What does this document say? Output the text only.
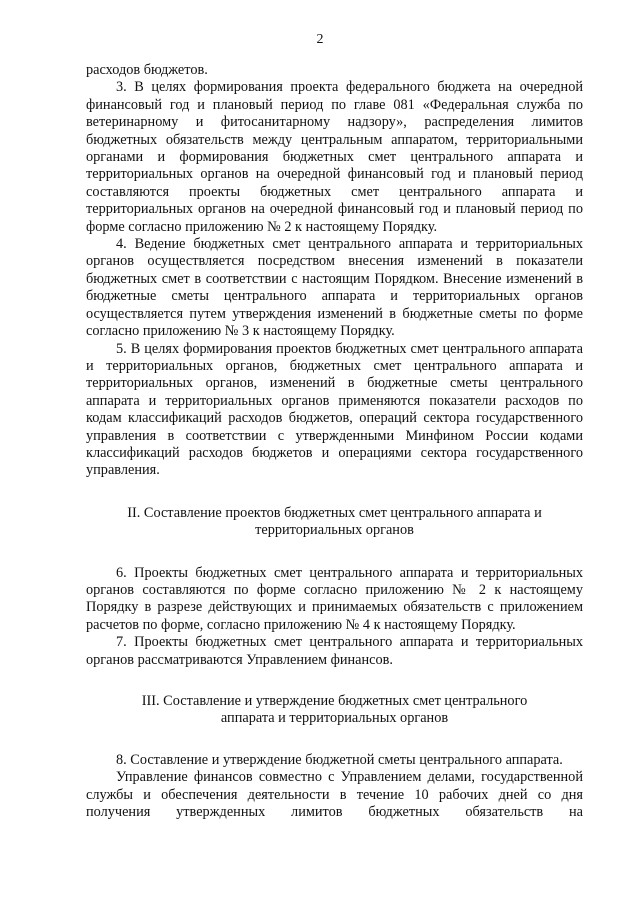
2

расходов бюджетов.

3. В целях формирования проекта федерального бюджета на очередной финансовый год и плановый период по главе 081 «Федеральная служба по ветеринарному и фитосанитарному надзору», распределения лимитов бюджетных обязательств между центральным аппаратом, территориальными органами и формирования бюджетных смет центрального аппарата и территориальных органов на очередной финансовый год и плановый период составляются проекты бюджетных смет центрального аппарата и территориальных органов на очередной финансовый год и плановый период по форме согласно приложению № 2 к настоящему Порядку.

4. Ведение бюджетных смет центрального аппарата и территориальных органов осуществляется посредством внесения изменений в показатели бюджетных смет в соответствии с настоящим Порядком. Внесение изменений в бюджетные сметы центрального аппарата и территориальных органов осуществляется путем утверждения изменений в бюджетные сметы по форме согласно приложению № 3 к настоящему Порядку.

5. В целях формирования проектов бюджетных смет центрального аппарата и территориальных органов, бюджетных смет центрального аппарата и территориальных органов, изменений в бюджетные сметы центрального аппарата и территориальных органов применяются показатели расходов по кодам классификаций расходов бюджетов, операций сектора государственного управления в соответствии с утвержденными Минфином России кодами классификаций расходов бюджетов и операциями сектора государственного управления.

II. Составление проектов бюджетных смет центрального аппарата и
территориальных органов

6. Проекты бюджетных смет центрального аппарата и территориальных органов составляются по форме согласно приложению № 2 к настоящему Порядку в разрезе действующих и принимаемых обязательств с приложением расчетов по форме, согласно приложению № 4 к настоящему Порядку.

7. Проекты бюджетных смет центрального аппарата и территориальных органов рассматриваются Управлением финансов.

III. Составление и утверждение бюджетных смет центрального
аппарата и территориальных органов

8. Составление и утверждение бюджетной сметы центрального аппарата.

Управление финансов совместно с Управлением делами, государственной службы и обеспечения деятельности в течение 10 рабочих дней со дня получения утвержденных лимитов бюджетных обязательств на
